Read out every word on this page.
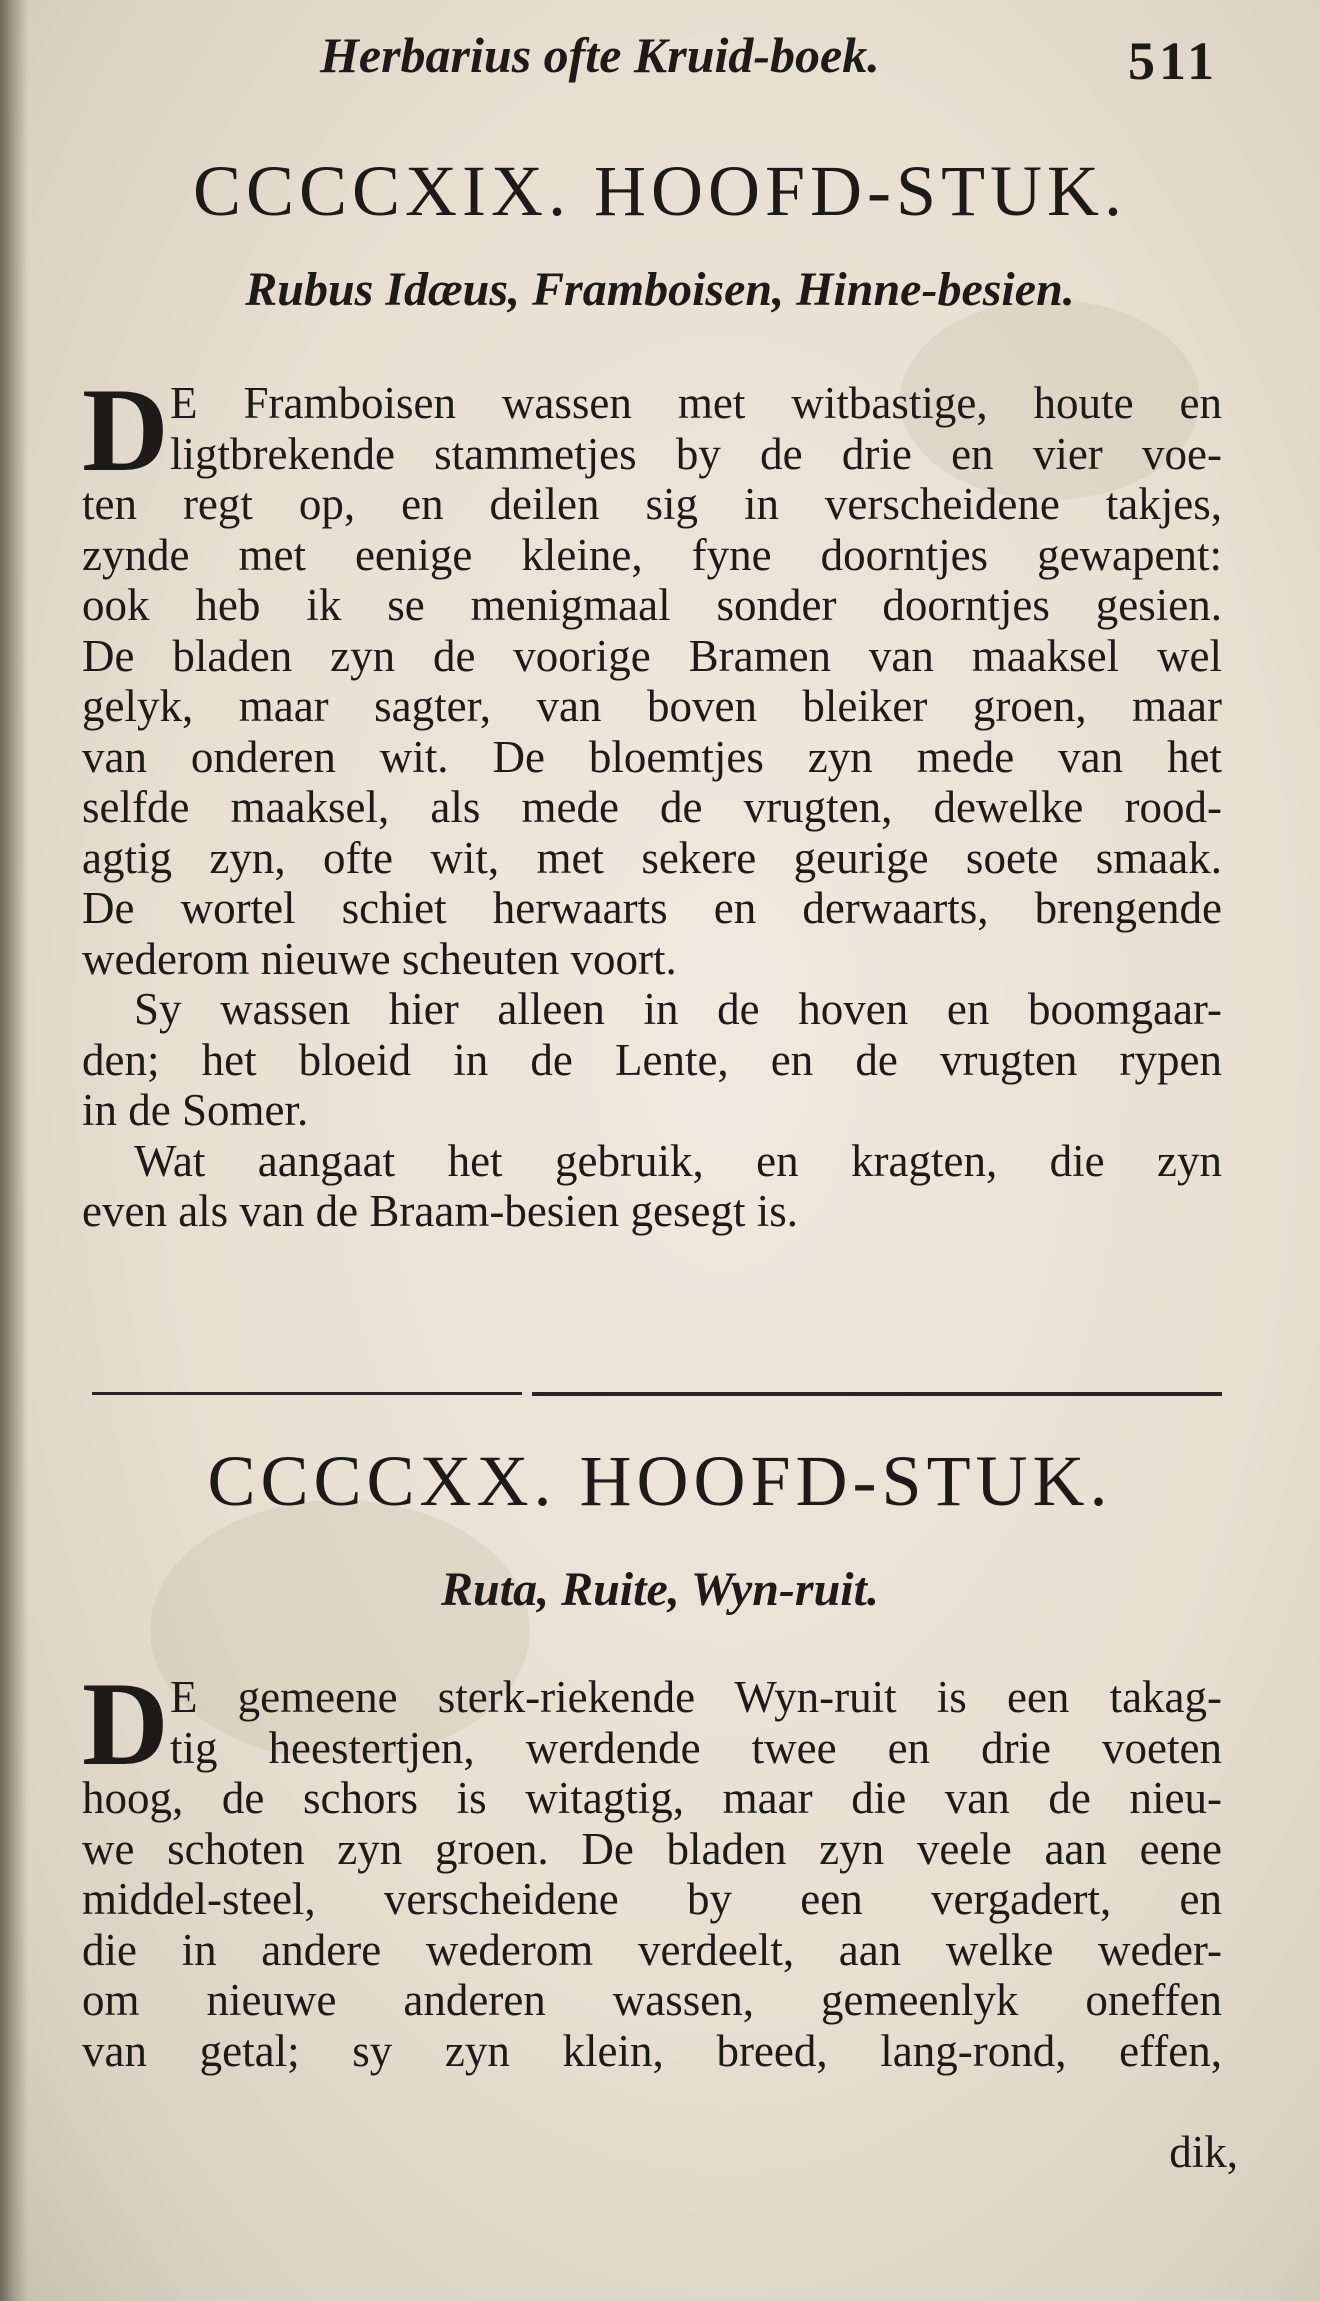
Herbarius ofte Kruid-boek.	511
CCCCXIX. HOOFD-STUK.
Rubus Idæus, Framboisen, Hinne-besien.
D E Framboisen wassen met witbastige, houte en
ligtbrekende stammetjes by de drie en vier voe-
ten regt op, en deilen sig in verscheidene takjes,
zynde met eenige kleine, fyne doorntjes gewapent:
ook heb ik se menigmaal sonder doorntjes gesien.
De bladen zyn de voorige Bramen van maaksel wel
gelyk, maar sagter, van boven bleiker groen, maar
van onderen wit. De bloemtjes zyn mede van het
selfde maaksel, als mede de vrugten, dewelke rood-
agtig zyn, ofte wit, met sekere geurige soete smaak.
De wortel schiet herwaarts en derwaarts, brengende
wederom nieuwe scheuten voort.
Sy wassen hier alleen in de hoven en boomgaar-
den; het bloeid in de Lente, en de vrugten rypen
in de Somer.
Wat aangaat het gebruik, en kragten, die zyn
even als van de Braam-besien gesegt is.
CCCCXX. HOOFD-STUK.
Ruta, Ruite, Wyn-ruit.
D E gemeene sterk-riekende Wyn-ruit is een takag-
tig heestertjen, werdende twee en drie voeten
hoog, de schors is witagtig, maar die van de nieu-
we schoten zyn groen. De bladen zyn veele aan eene
middel-steel, verscheidene by een vergadert, en
die in andere wederom verdeelt, aan welke weder-
om nieuwe anderen wassen, gemeenlyk oneffen
van getal; sy zyn klein, breed, lang-rond, effen,
dik,
